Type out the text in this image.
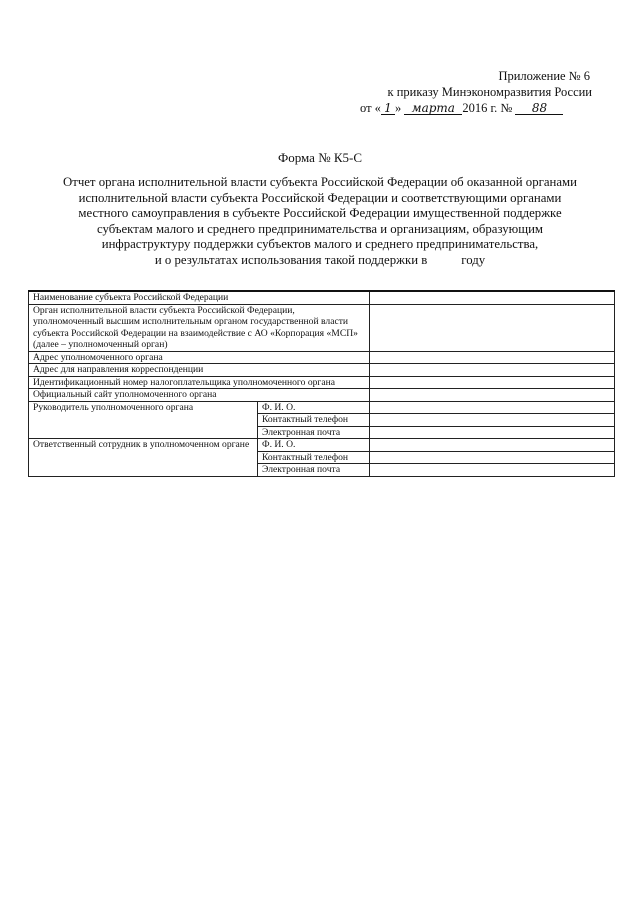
Приложение № 6
к приказу Минэкономразвития России
от « 1 » марта 2016 г. № 88
Форма № К5-С
Отчет органа исполнительной власти субъекта Российской Федерации об оказанной органами
исполнительной власти субъекта Российской Федерации и соответствующими органами
местного самоуправления в субъекте Российской Федерации имущественной поддержке
субъектам малого и среднего предпринимательства и организациям, образующим
инфраструктуру поддержки субъектов малого и среднего предпринимательства,
и о результатах использования такой поддержки в	году
Наименование субъекта Российской Федерации		
Орган исполнительной власти субъекта Российской Федерации, уполномоченный высшим исполнительным органом государственной власти субъекта Российской Федерации на взаимодействие с АО «Корпорация «МСП» (далее – уполномоченный орган)		
Адрес уполномоченного органа		
Адрес для направления корреспонденции		
Идентификационный номер налогоплательщика уполномоченного органа		
Официальный сайт уполномоченного органа		
Руководитель уполномоченного органа	Ф. И. О.	
	Контактный телефон	
	Электронная почта	
Ответственный сотрудник в уполномоченном органе	Ф. И. О.	
	Контактный телефон	
	Электронная почта	
